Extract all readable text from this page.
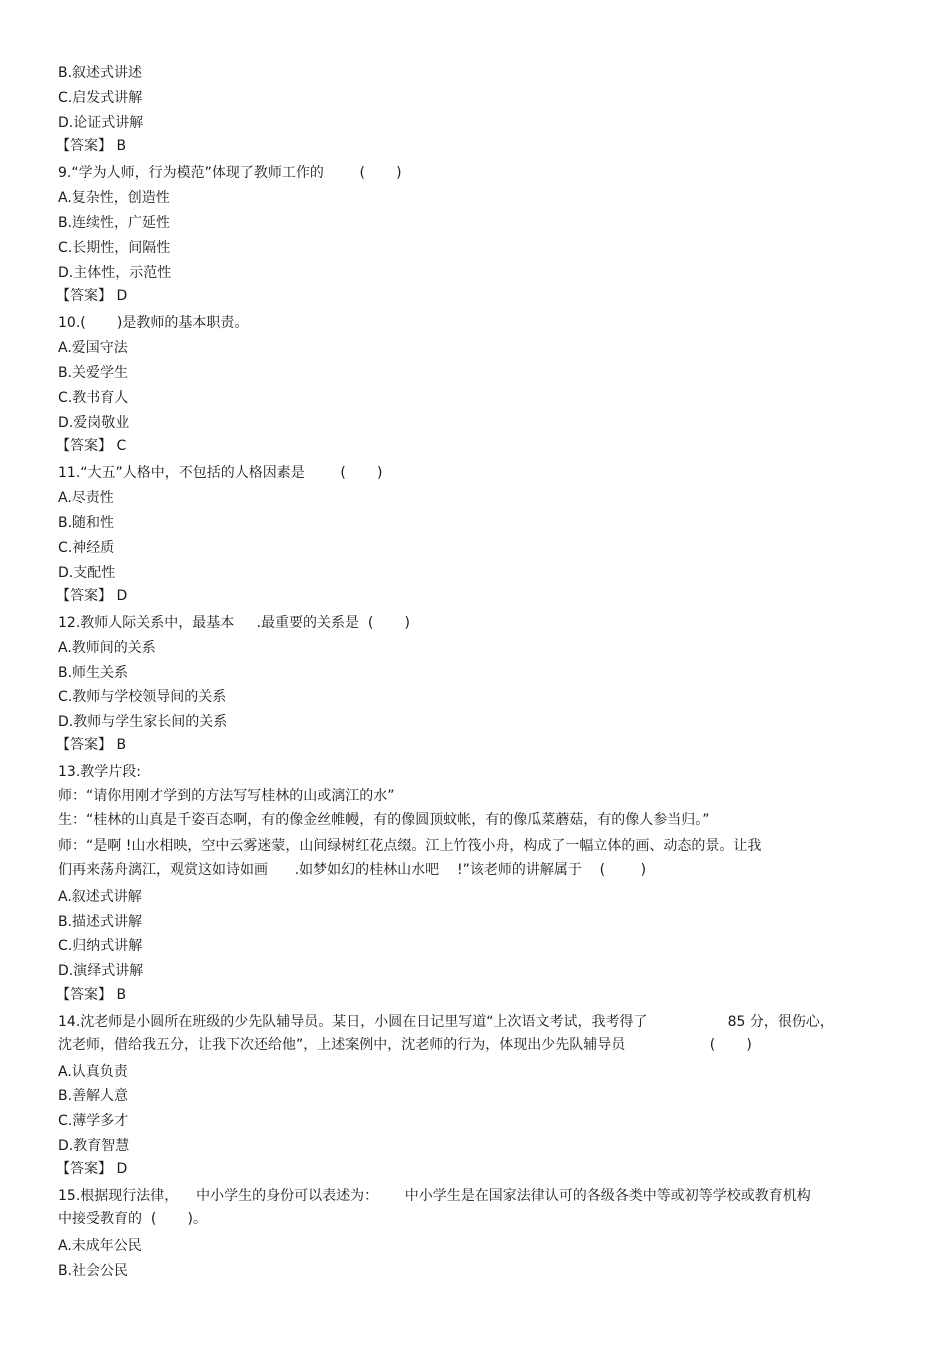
B.叙述式讲述
C.启发式讲解
D.论证式讲解
【答案】 B
9.“学为人师，行为模范”体现了教师工作的        (       )
A.复杂性，创造性
B.连续性，广延性
C.长期性，间隔性
D.主体性，示范性
【答案】 D
10.(       )是教师的基本职责。
A.爱国守法
B.关爱学生
C.教书育人
D.爱岗敬业
【答案】 C
11.“大五”人格中，不包括的人格因素是        (       )
A.尽责性
B.随和性
C.神经质
D.支配性
【答案】 D
12.教师人际关系中，最基本     .最重要的关系是  (       )
A.教师间的关系
B.师生关系
C.教师与学校领导间的关系
D.教师与学生家长间的关系
【答案】 B
13.教学片段:
师：“请你用刚才学到的方法写写桂林的山或漓江的水”
生：“桂林的山真是千姿百态啊，有的像金丝帷幔，有的像圆顶蚊帐，有的像瓜菜蘑菇，有的像人参当归。”
师：“是啊 !山水相映，空中云雾迷蒙，山间绿树红花点缀。江上竹筏小舟，构成了一幅立体的画、动态的景。让我
们再来荡舟漓江，观赏这如诗如画      .如梦如幻的桂林山水吧    !”该老师的讲解属于    (        )
A.叙述式讲解
B.描述式讲解
C.归纳式讲解
D.演绎式讲解
【答案】 B
14.沈老师是小圆所在班级的少先队辅导员。某日，小圆在日记里写道“上次语文考试，我考得了                  85 分，很伤心，
沈老师，借给我五分，让我下次还给他”，上述案例中，沈老师的行为，体现出少先队辅导员                   (       )
A.认真负责
B.善解人意
C.薄学多才
D.教育智慧
【答案】 D
15.根据现行法律，    中小学生的身份可以表述为：      中小学生是在国家法律认可的各级各类中等或初等学校或教育机构
中接受教育的  (       )。
A.未成年公民
B.社会公民
